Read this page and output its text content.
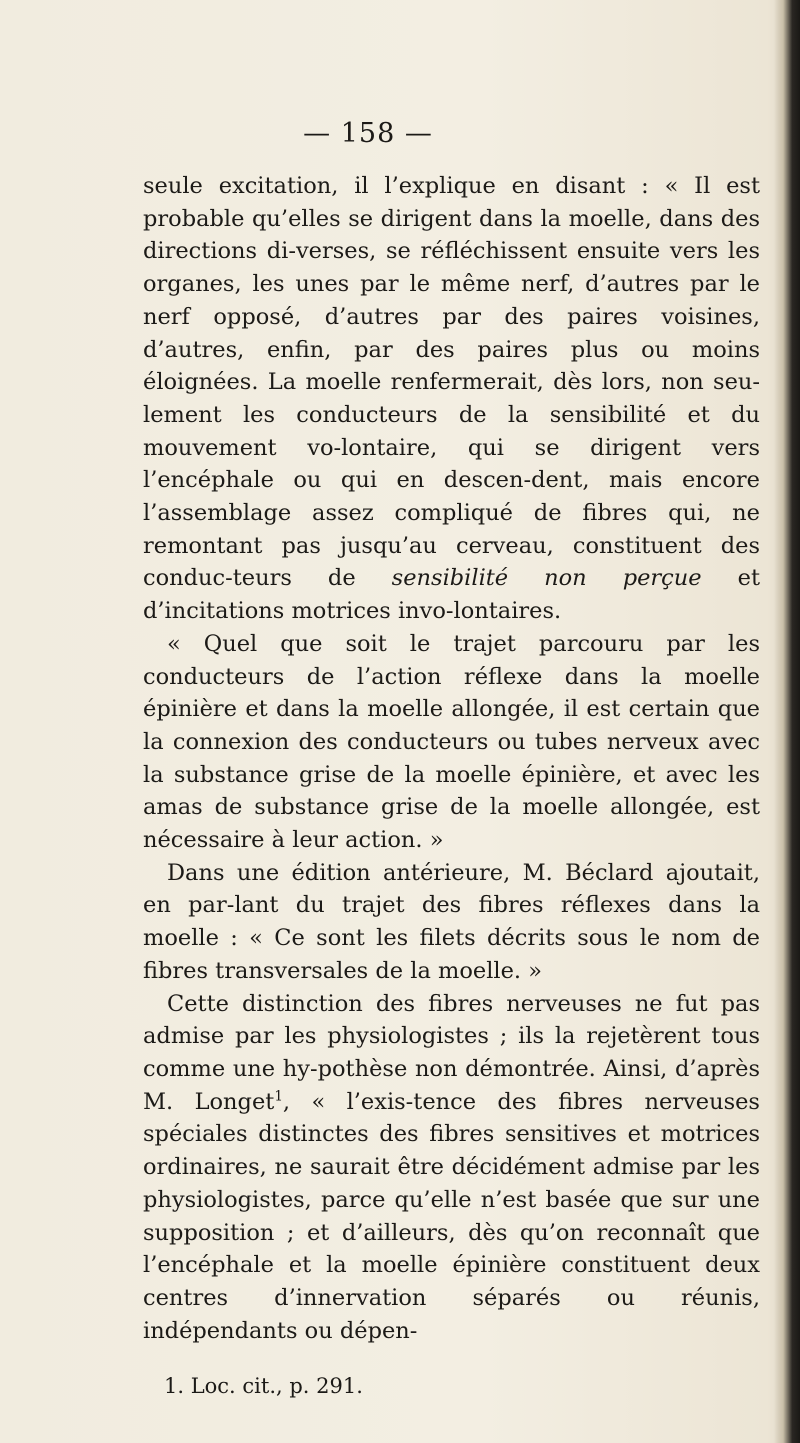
— 158 —

seule excitation, il l’explique en disant : « Il est probable qu’elles se dirigent dans la moelle, dans des directions di-verses, se réfléchissent ensuite vers les organes, les unes par le même nerf, d’autres par le nerf opposé, d’autres par des paires voisines, d’autres, enfin, par des paires plus ou moins éloignées. La moelle renfermerait, dès lors, non seu-lement les conducteurs de la sensibilité et du mouvement vo-lontaire, qui se dirigent vers l’encéphale ou qui en descen-dent, mais encore l’assemblage assez compliqué de fibres qui, ne remontant pas jusqu’au cerveau, constituent des conduc-teurs de sensibilité non perçue et d’incitations motrices invo-lontaires.

« Quel que soit le trajet parcouru par les conducteurs de l’action réflexe dans la moelle épinière et dans la moelle allongée, il est certain que la connexion des conducteurs ou tubes nerveux avec la substance grise de la moelle épinière, et avec les amas de substance grise de la moelle allongée, est nécessaire à leur action. »

Dans une édition antérieure, M. Béclard ajoutait, en par-lant du trajet des fibres réflexes dans la moelle : « Ce sont les filets décrits sous le nom de fibres transversales de la moelle. »

Cette distinction des fibres nerveuses ne fut pas admise par les physiologistes ; ils la rejetèrent tous comme une hy-pothèse non démontrée. Ainsi, d’après M. Longet$^1$, « l’exis-tence des fibres nerveuses spéciales distinctes des fibres sensitives et motrices ordinaires, ne saurait être décidément admise par les physiologistes, parce qu’elle n’est basée que sur une supposition ; et d’ailleurs, dès qu’on reconnaît que l’encéphale et la moelle épinière constituent deux centres d’innervation séparés ou réunis, indépendants ou dépen-

1. Loc. cit., p. 291.
